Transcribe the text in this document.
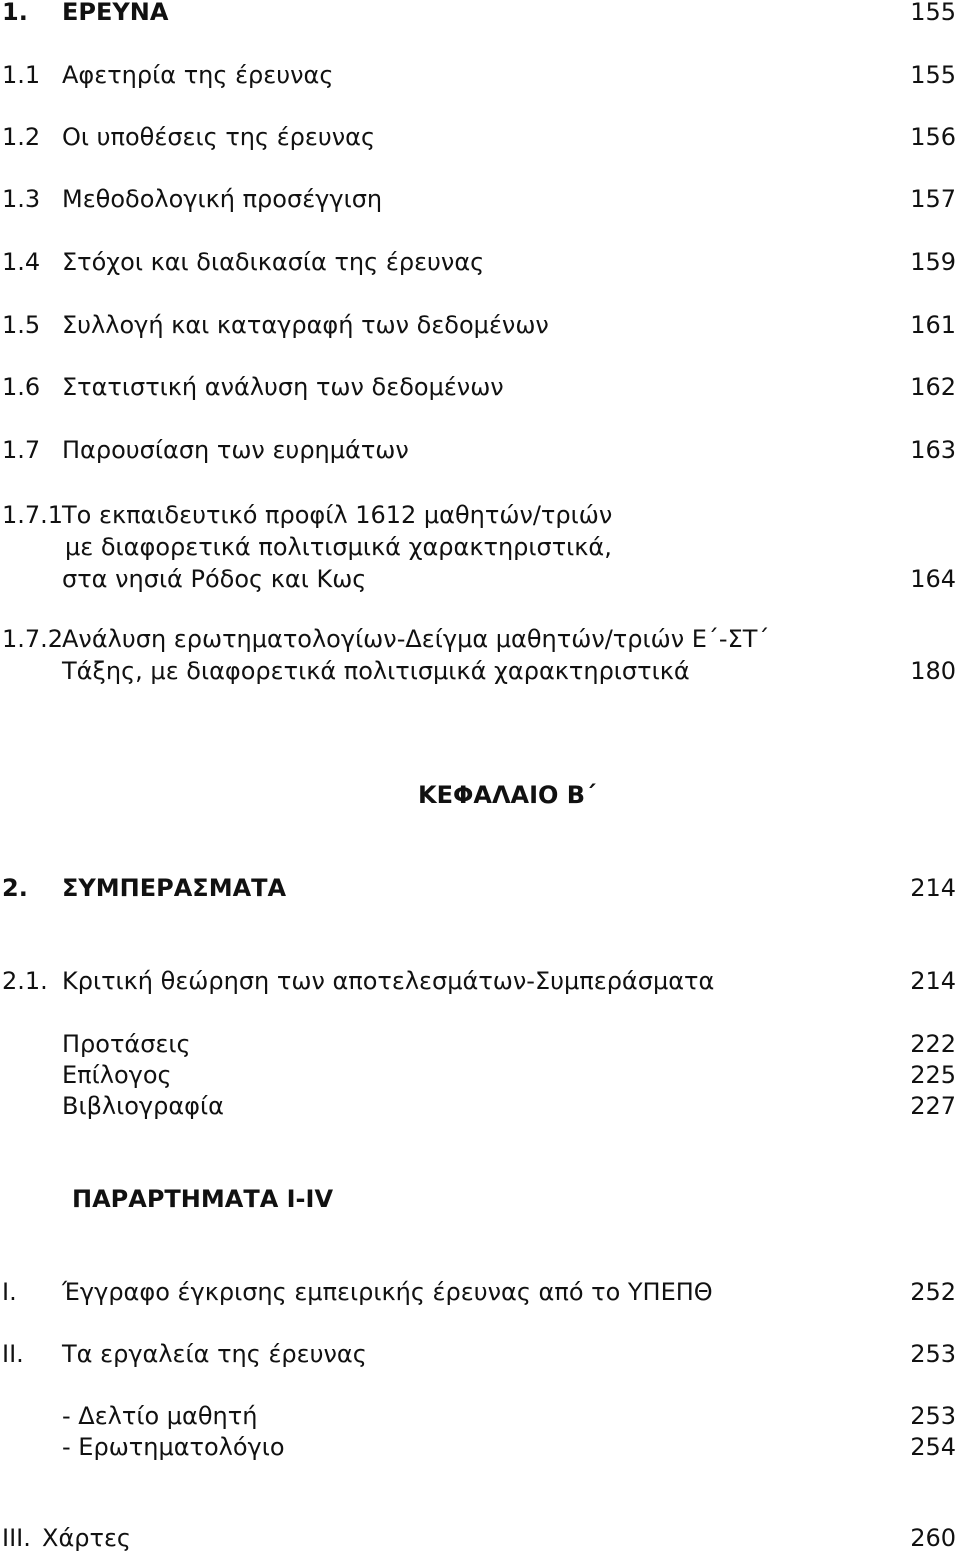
1. ΕΡΕΥΝΑ	155
1.1 Αφετηρία της έρευνας	155
1.2 Οι υποθέσεις της έρευνας	156
1.3 Μεθοδολογική προσέγγιση	157
1.4 Στόχοι και διαδικασία της έρευνας	159
1.5 Συλλογή και καταγραφή των δεδομένων	161
1.6 Στατιστική ανάλυση των δεδομένων	162
1.7 Παρουσίαση των ευρημάτων	163
1.7.1
Το εκπαιδευτικό προφίλ 1612 μαθητών/τριών
με διαφορετικά πολιτισμικά χαρακτηριστικά,
στα νησιά Ρόδος και Κως	164
1.7.2
Ανάλυση ερωτηματολογίων-Δείγμα μαθητών/τριών Ε΄-ΣΤ΄
Τάξης, με διαφορετικά πολιτισμικά χαρακτηριστικά	180
ΚΕΦΑΛΑΙΟ Β΄
2. ΣΥΜΠΕΡΑΣΜΑΤΑ	214
2.1. Κριτική θεώρηση των αποτελεσμάτων-Συμπεράσματα	214
Προτάσεις	222
Επίλογος	225
Βιβλιογραφία	227
ΠΑΡΑΡΤΗΜΑΤΑ I-IV
I. Έγγραφο έγκρισης εμπειρικής έρευνας από το ΥΠΕΠΘ	252
II. Τα εργαλεία της έρευνας	253
- Δελτίο μαθητή	253
- Ερωτηματολόγιο	254
III. Χάρτες	260
